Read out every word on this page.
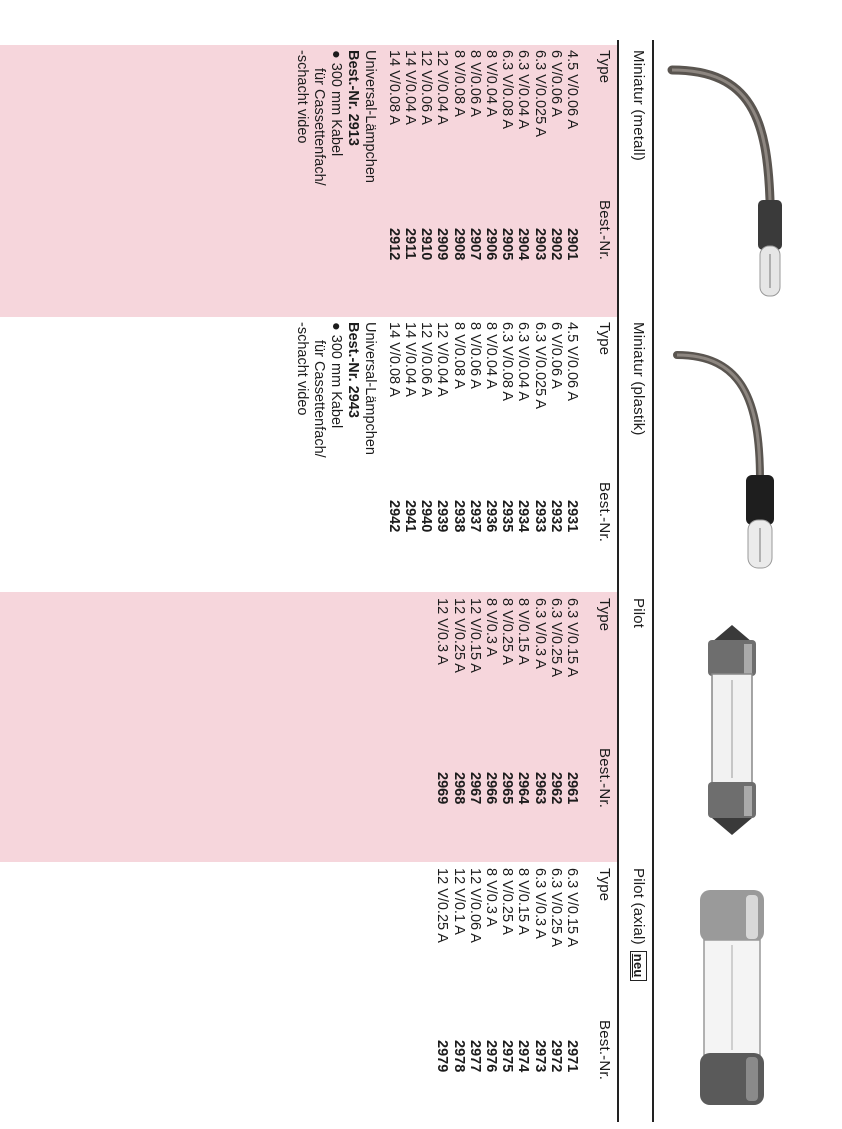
Miniatur (metall)
Type
Best.-Nr.
4.5 V/0.06 A
6 V/0.06 A
6.3 V/0.025 A
6.3 V/0.04 A
6.3 V/0.08 A
8 V/0.04 A
8 V/0.06 A
8 V/0.08 A
12 V/0.04 A
12 V/0.06 A
14 V/0.04 A
14 V/0.08 A
2901
2902
2903
2904
2905
2906
2907
2908
2909
2910
2911
2912
Universal-Lämpchen
Best.-Nr. 2913
● 300 mm Kabel
für Cassettenfach/
-schacht video
Miniatur (plastik)
Type
Best.-Nr.
4.5 V/0.06 A
6 V/0.06 A
6.3 V/0.025 A
6.3 V/0.04 A
6.3 V/0.08 A
8 V/0.04 A
8 V/0.06 A
8 V/0.08 A
12 V/0.04 A
12 V/0.06 A
14 V/0.04 A
14 V/0.08 A
2931
2932
2933
2934
2935
2936
2937
2938
2939
2940
2941
2942
Universal-Lämpchen
Best.-Nr. 2943
● 300 mm Kabel
für Cassettenfach/
-schacht video
Pilot
Type
Best.-Nr.
6.3 V/0.15 A
6.3 V/0.25 A
6.3 V/0.3 A
8 V/0.15 A
8 V/0.25 A
8 V/0.3 A
12 V/0.15 A
12 V/0.25 A
12 V/0.3 A
2961
2962
2963
2964
2965
2966
2967
2968
2969
Pilot (axial)neu
Type
Best.-Nr.
6.3 V/0.15 A
6.3 V/0.25 A
6.3 V/0.3 A
8 V/0.15 A
8 V/0.25 A
8 V/0.3 A
12 V/0.06 A
12 V/0.1 A
12 V/0.25 A
2971
2972
2973
2974
2975
2976
2977
2978
2979
